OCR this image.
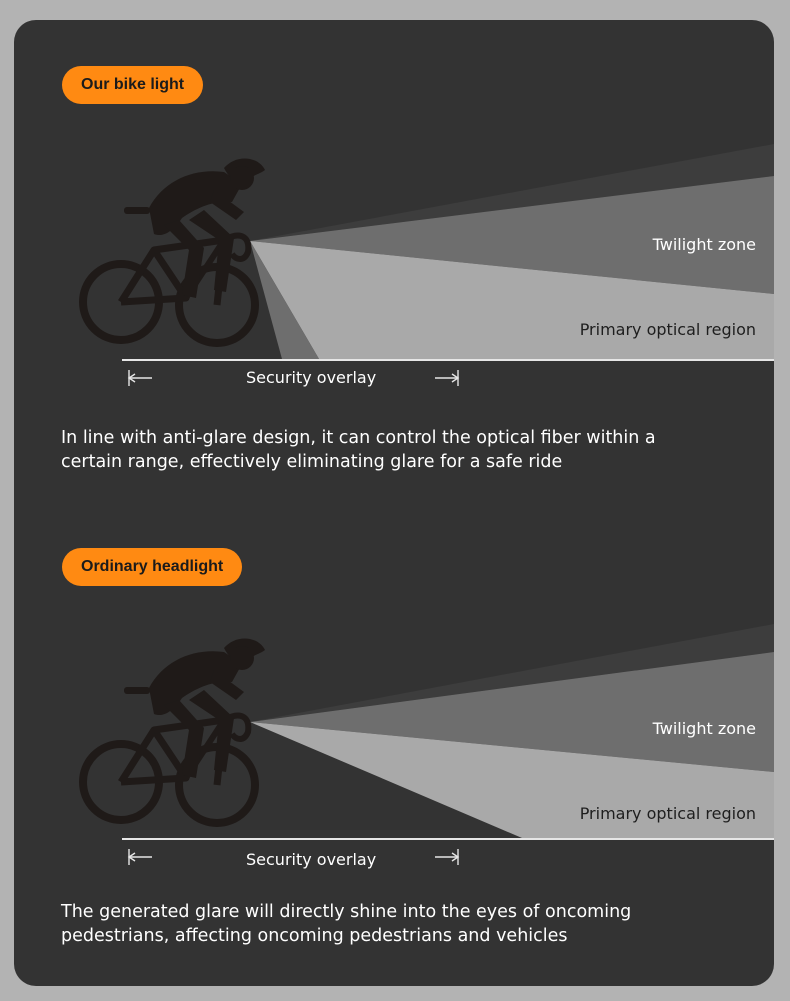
Our bike light
Twilight zone
Primary optical region
Security overlay
In line with anti-glare design, it can control the optical fiber within a certain range, effectively eliminating glare for a safe ride
Ordinary headlight
Twilight zone
Primary optical region
Security overlay
The generated glare will directly shine into the eyes of oncoming pedestrians, affecting oncoming pedestrians and vehicles
